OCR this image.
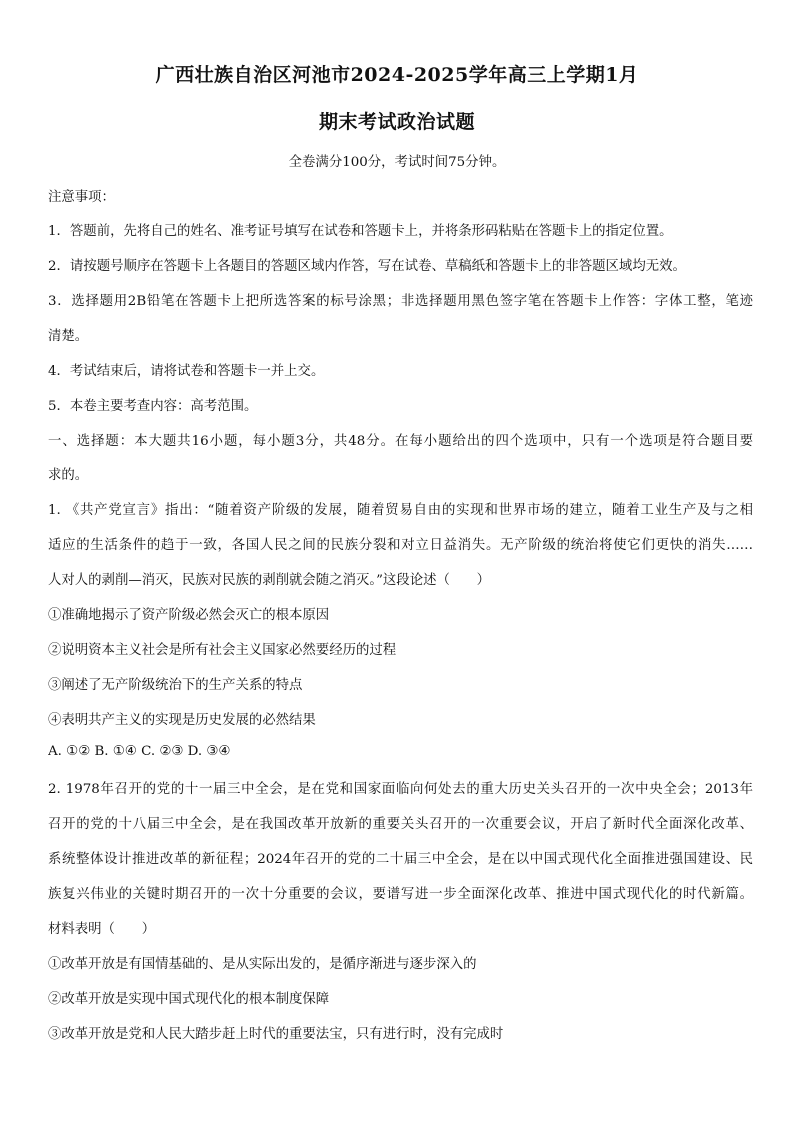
广西壮族自治区河池市2024-2025学年高三上学期1月
期末考试政治试题
全卷满分100分，考试时间75分钟。
注意事项：
1．答题前，先将自己的姓名、准考证号填写在试卷和答题卡上，并将条形码粘贴在答题卡上的指定位置。
2．请按题号顺序在答题卡上各题目的答题区域内作答，写在试卷、草稿纸和答题卡上的非答题区域均无效。
3．选择题用2B铅笔在答题卡上把所选答案的标号涂黑；非选择题用黑色签字笔在答题卡上作答：字体工整，笔迹
清楚。
4．考试结束后，请将试卷和答题卡一并上交。
5．本卷主要考查内容：高考范围。
一、选择题：本大题共16小题，每小题3分，共48分。在每小题给出的四个选项中，只有一个选项是符合题目要
求的。
1. 《共产党宣言》指出：“随着资产阶级的发展，随着贸易自由的实现和世界市场的建立，随着工业生产及与之相
适应的生活条件的趋于一致，各国人民之间的民族分裂和对立日益消失。无产阶级的统治将使它们更快的消失……
人对人的剥削—消灭，民族对民族的剥削就会随之消灭。”这段论述（　　）
①准确地揭示了资产阶级必然会灭亡的根本原因
②说明资本主义社会是所有社会主义国家必然要经历的过程
③阐述了无产阶级统治下的生产关系的特点
④表明共产主义的实现是历史发展的必然结果
A. ①② B. ①④ C. ②③ D. ③④
2. 1978年召开的党的十一届三中全会，是在党和国家面临向何处去的重大历史关头召开的一次中央全会；2013年
召开的党的十八届三中全会，是在我国改革开放新的重要关头召开的一次重要会议，开启了新时代全面深化改革、
系统整体设计推进改革的新征程；2024年召开的党的二十届三中全会，是在以中国式现代化全面推进强国建设、民
族复兴伟业的关键时期召开的一次十分重要的会议，要谱写进一步全面深化改革、推进中国式现代化的时代新篇。
材料表明（　　）
①改革开放是有国情基础的、是从实际出发的，是循序渐进与逐步深入的
②改革开放是实现中国式现代化的根本制度保障
③改革开放是党和人民大踏步赶上时代的重要法宝，只有进行时，没有完成时
